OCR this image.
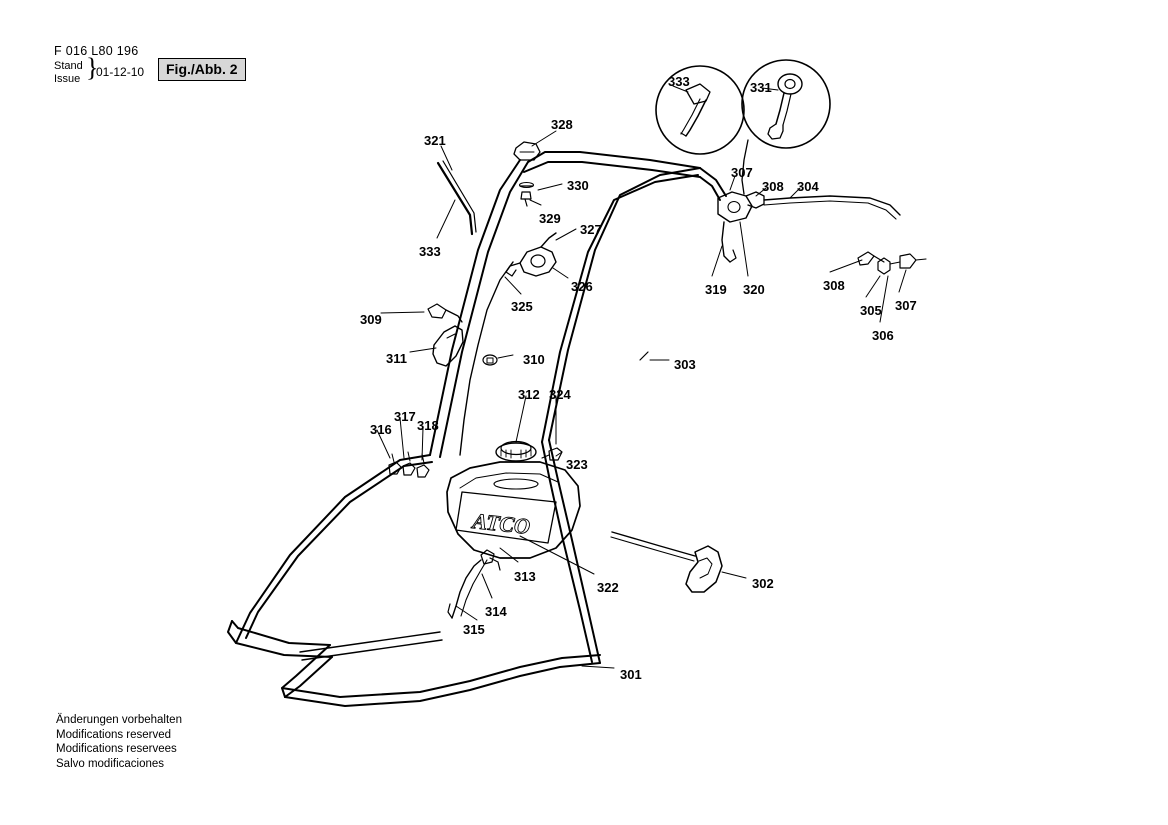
F 016 L80 196
Stand
Issue }
01-12-10	Fig./Abb. 2
ATCO
333	331
321
328
330
329
327
333
326
325
307
308 304
319 320	308
305 307
306
309
311	310	303
312 324
317
316 318
323
313
322	302
314
315
301
Änderungen vorbehalten
Modifications reserved
Modifications reservees
Salvo modificaciones
